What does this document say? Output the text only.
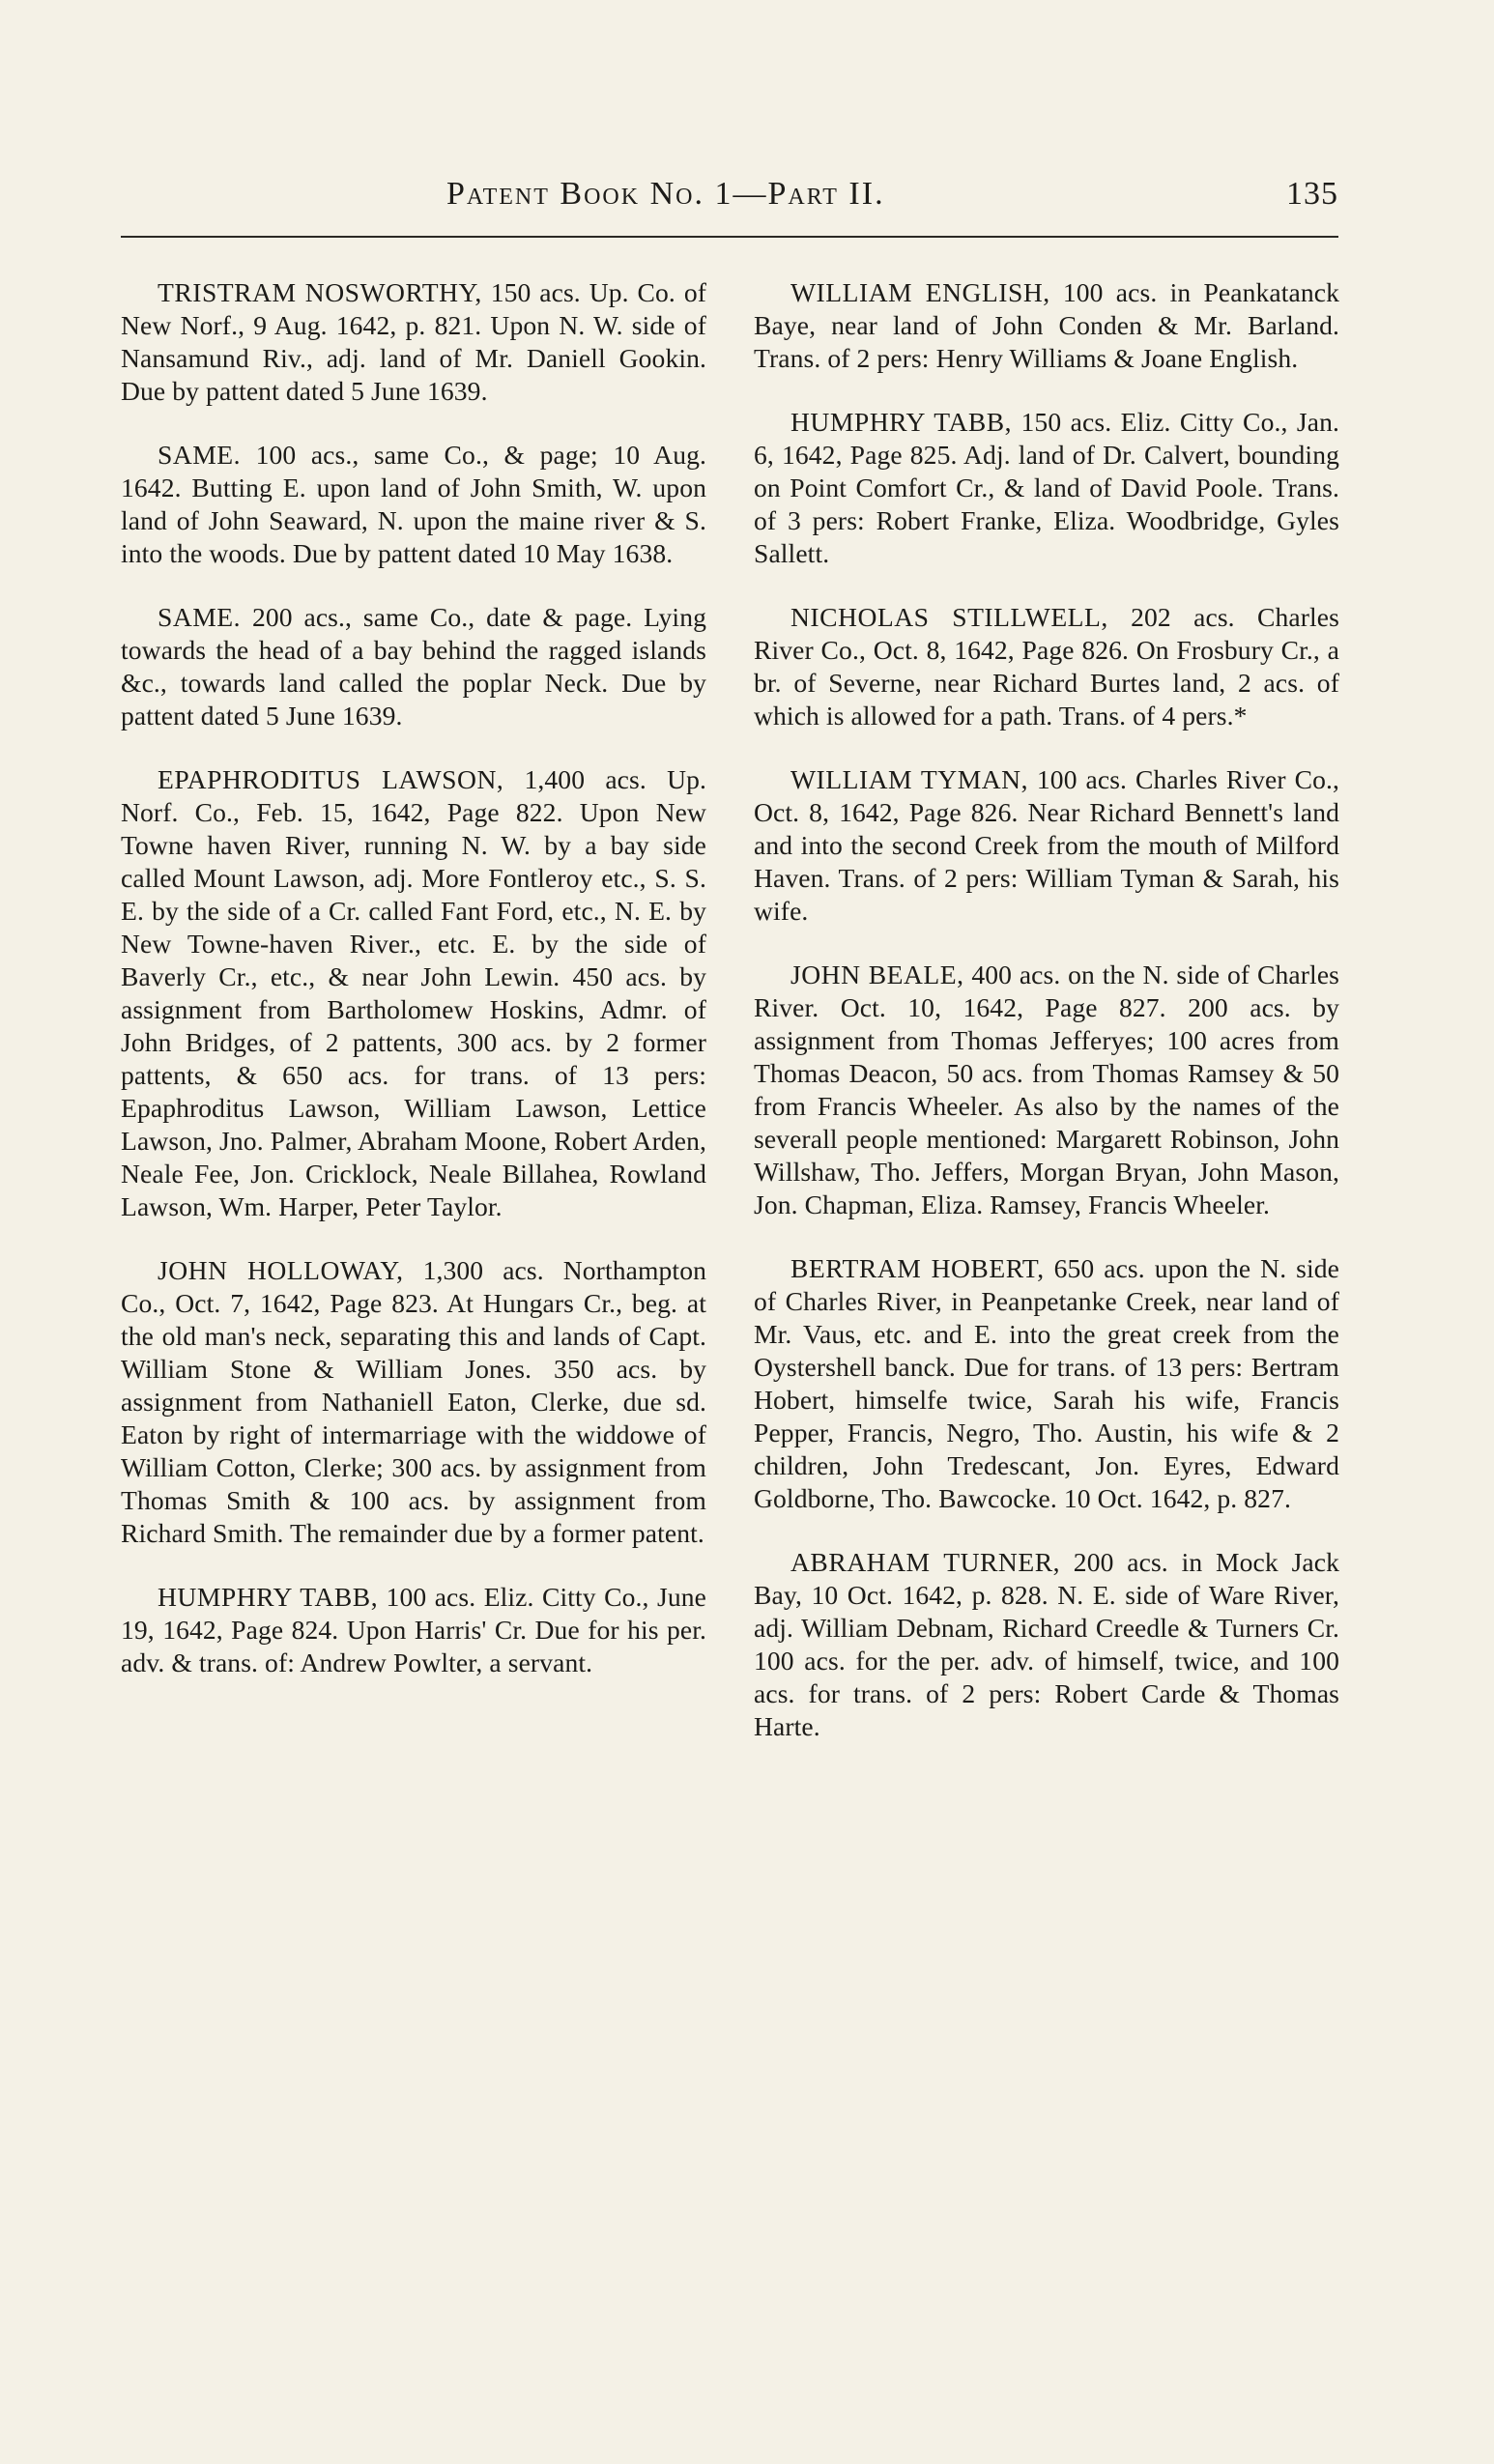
Patent Book No. 1—Part II.	135

TRISTRAM NOSWORTHY, 150 acs. Up. Co. of New Norf., 9 Aug. 1642, p. 821. Upon N. W. side of Nansamund Riv., adj. land of Mr. Daniell Gookin. Due by pattent dated 5 June 1639.

SAME. 100 acs., same Co., & page; 10 Aug. 1642. Butting E. upon land of John Smith, W. upon land of John Seaward, N. upon the maine river & S. into the woods. Due by pattent dated 10 May 1638.

SAME. 200 acs., same Co., date & page. Lying towards the head of a bay behind the ragged islands &c., towards land called the poplar Neck. Due by pattent dated 5 June 1639.

EPAPHRODITUS LAWSON, 1,400 acs. Up. Norf. Co., Feb. 15, 1642, Page 822. Upon New Towne haven River, running N. W. by a bay side called Mount Lawson, adj. More Fontleroy etc., S. S. E. by the side of a Cr. called Fant Ford, etc., N. E. by New Towne-haven River., etc. E. by the side of Baverly Cr., etc., & near John Lewin. 450 acs. by assignment from Bartholomew Hoskins, Admr. of John Bridges, of 2 pattents, 300 acs. by 2 former pattents, & 650 acs. for trans. of 13 pers: Epaphroditus Lawson, William Lawson, Lettice Lawson, Jno. Palmer, Abraham Moone, Robert Arden, Neale Fee, Jon. Cricklock, Neale Billahea, Rowland Lawson, Wm. Harper, Peter Taylor.

JOHN HOLLOWAY, 1,300 acs. Northampton Co., Oct. 7, 1642, Page 823. At Hungars Cr., beg. at the old man's neck, separating this and lands of Capt. William Stone & William Jones. 350 acs. by assignment from Nathaniell Eaton, Clerke, due sd. Eaton by right of intermarriage with the widdowe of William Cotton, Clerke; 300 acs. by assignment from Thomas Smith & 100 acs. by assignment from Richard Smith. The remainder due by a former patent.

HUMPHRY TABB, 100 acs. Eliz. Citty Co., June 19, 1642, Page 824. Upon Harris' Cr. Due for his per. adv. & trans. of: Andrew Powlter, a servant.

WILLIAM ENGLISH, 100 acs. in Peankatanck Baye, near land of John Conden & Mr. Barland. Trans. of 2 pers: Henry Williams & Joane English.

HUMPHRY TABB, 150 acs. Eliz. Citty Co., Jan. 6, 1642, Page 825. Adj. land of Dr. Calvert, bounding on Point Comfort Cr., & land of David Poole. Trans. of 3 pers: Robert Franke, Eliza. Woodbridge, Gyles Sallett.

NICHOLAS STILLWELL, 202 acs. Charles River Co., Oct. 8, 1642, Page 826. On Frosbury Cr., a br. of Severne, near Richard Burtes land, 2 acs. of which is allowed for a path. Trans. of 4 pers.*

WILLIAM TYMAN, 100 acs. Charles River Co., Oct. 8, 1642, Page 826. Near Richard Bennett's land and into the second Creek from the mouth of Milford Haven. Trans. of 2 pers: William Tyman & Sarah, his wife.

JOHN BEALE, 400 acs. on the N. side of Charles River. Oct. 10, 1642, Page 827. 200 acs. by assignment from Thomas Jefferyes; 100 acres from Thomas Deacon, 50 acs. from Thomas Ramsey & 50 from Francis Wheeler. As also by the names of the severall people mentioned: Margarett Robinson, John Willshaw, Tho. Jeffers, Morgan Bryan, John Mason, Jon. Chapman, Eliza. Ramsey, Francis Wheeler.

BERTRAM HOBERT, 650 acs. upon the N. side of Charles River, in Peanpetanke Creek, near land of Mr. Vaus, etc. and E. into the great creek from the Oystershell banck. Due for trans. of 13 pers: Bertram Hobert, himselfe twice, Sarah his wife, Francis Pepper, Francis, Negro, Tho. Austin, his wife & 2 children, John Tredescant, Jon. Eyres, Edward Goldborne, Tho. Bawcocke. 10 Oct. 1642, p. 827.

ABRAHAM TURNER, 200 acs. in Mock Jack Bay, 10 Oct. 1642, p. 828. N. E. side of Ware River, adj. William Debnam, Richard Creedle & Turners Cr. 100 acs. for the per. adv. of himself, twice, and 100 acs. for trans. of 2 pers: Robert Carde & Thomas Harte.
